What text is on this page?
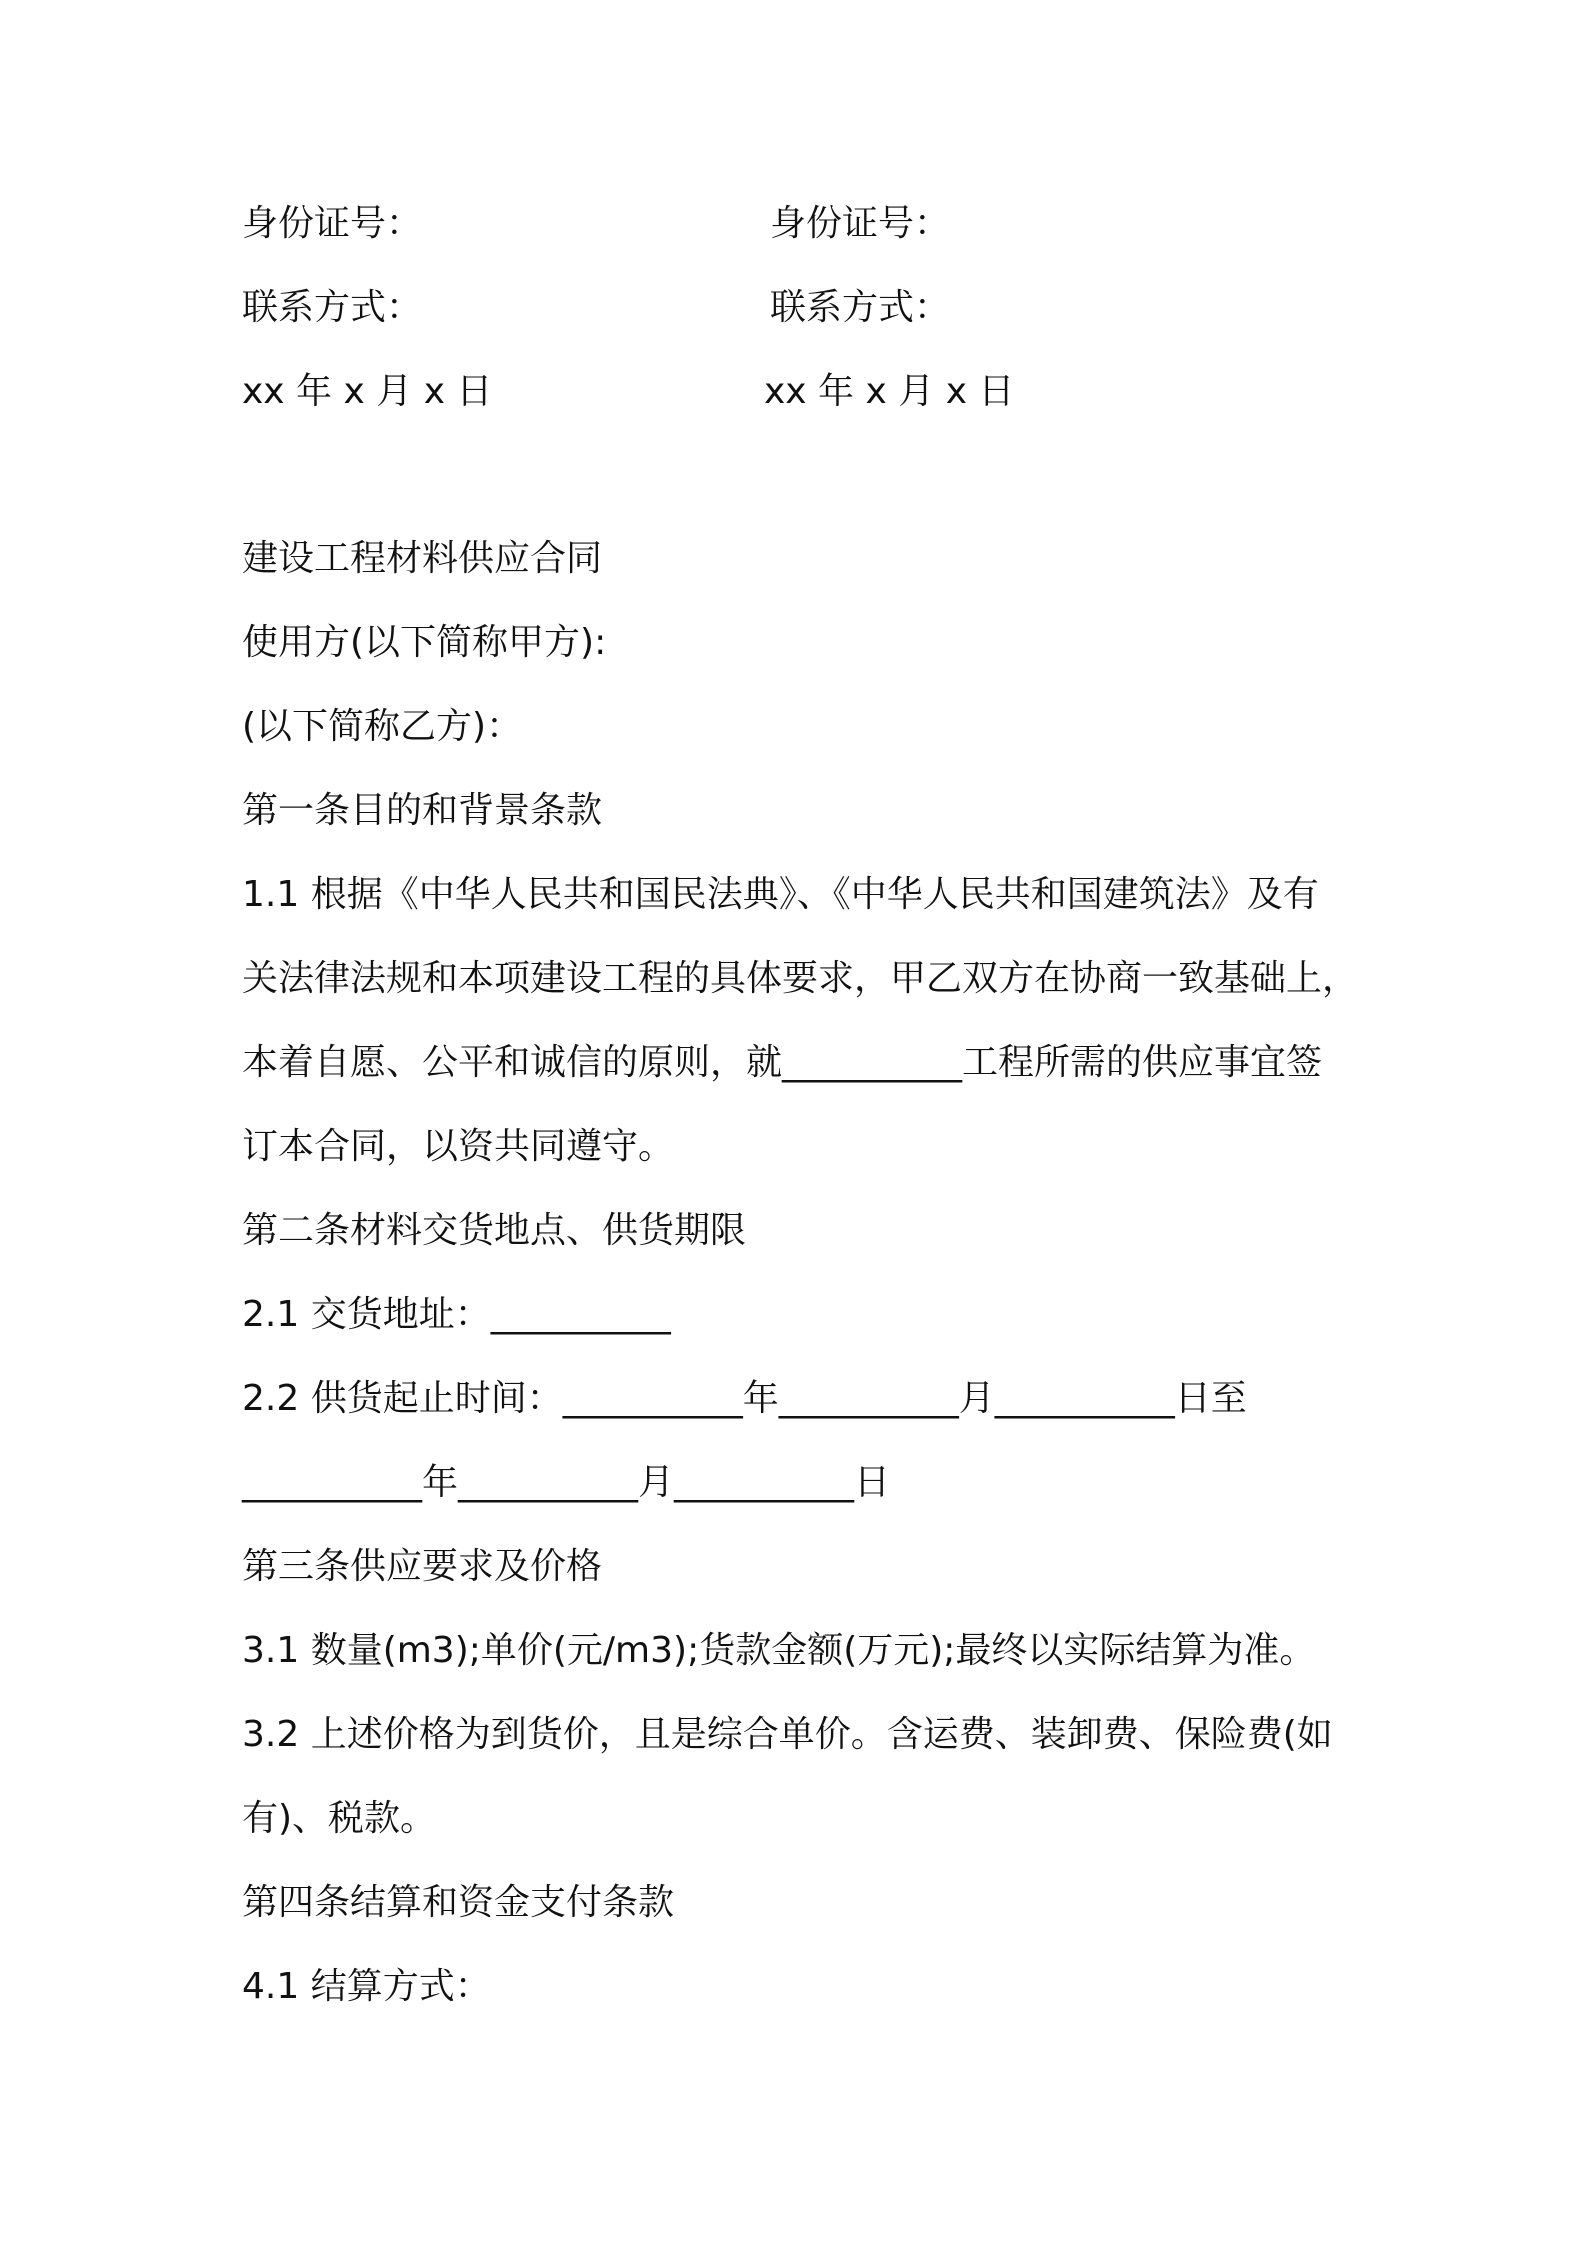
身份证号：	身份证号：
联系方式：	联系方式：
xx 年 x 月 x 日	xx 年 x 月 x 日
建设工程材料供应合同
使用方(以下简称甲方):
(以下简称乙方)：
第一条目的和背景条款
1.1 根据《中华人民共和国民法典》、《中华人民共和国建筑法》及有
关法律法规和本项建设工程的具体要求，甲乙双方在协商一致基础上，
本着自愿、公平和诚信的原则，就__________工程所需的供应事宜签
订本合同，以资共同遵守。
第二条材料交货地点、供货期限
2.1 交货地址：__________
2.2 供货起止时间：__________年__________月__________日至
__________年__________月__________日
第三条供应要求及价格
3.1 数量(m3);单价(元/m3);货款金额(万元);最终以实际结算为准。
3.2 上述价格为到货价，且是综合单价。含运费、装卸费、保险费(如
有)、税款。
第四条结算和资金支付条款
4.1 结算方式：
